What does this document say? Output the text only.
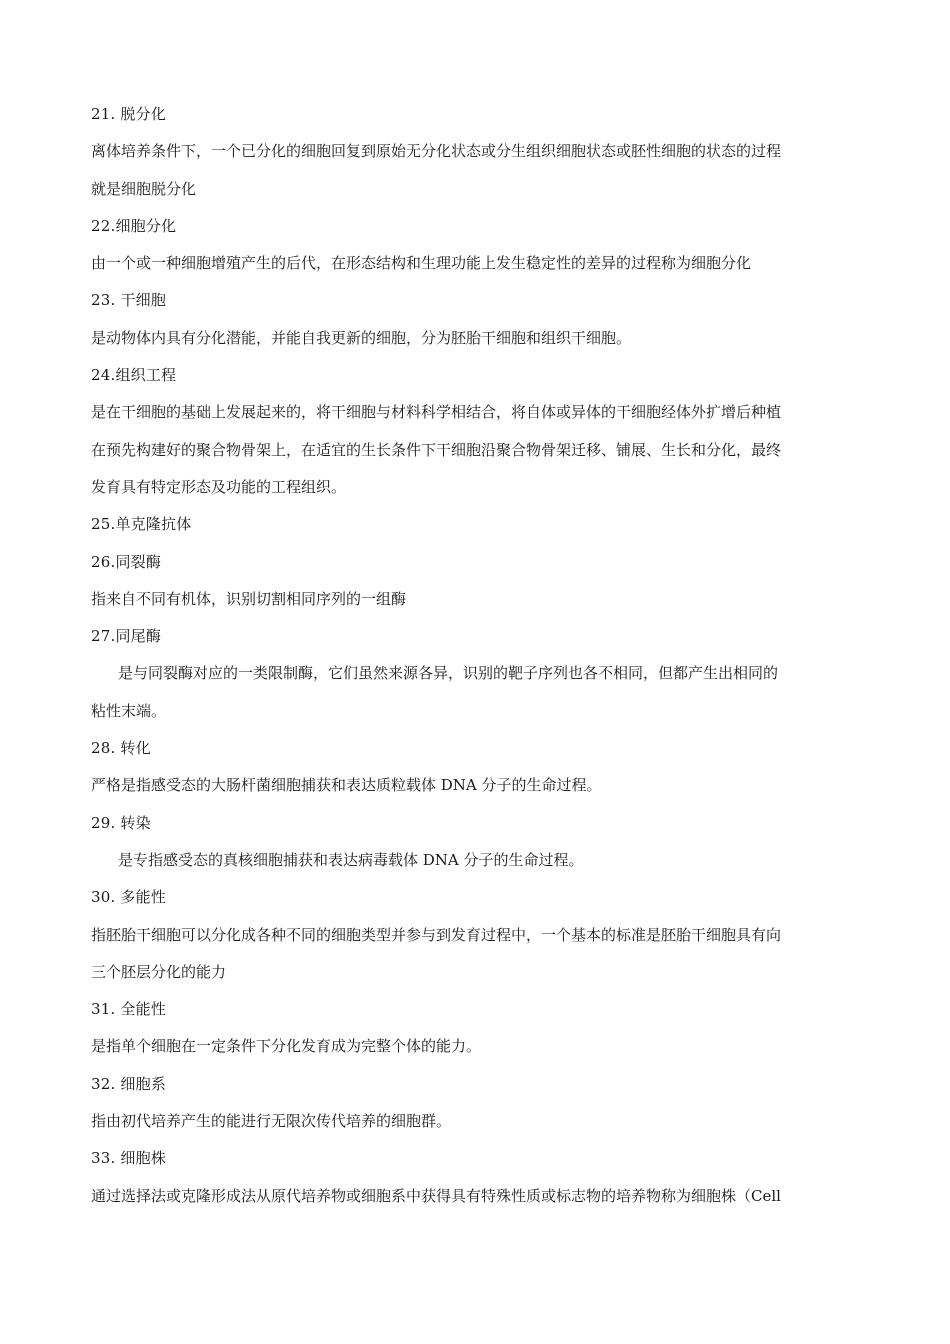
21. 脱分化
离体培养条件下，一个已分化的细胞回复到原始无分化状态或分生组织细胞状态或胚性细胞的状态的过程
就是细胞脱分化
22.细胞分化
由一个或一种细胞增殖产生的后代，在形态结构和生理功能上发生稳定性的差异的过程称为细胞分化
23. 干细胞
是动物体内具有分化潜能，并能自我更新的细胞，分为胚胎干细胞和组织干细胞。
24.组织工程
是在干细胞的基础上发展起来的，将干细胞与材料科学相结合，将自体或异体的干细胞经体外扩增后种植
在预先构建好的聚合物骨架上，在适宜的生长条件下干细胞沿聚合物骨架迁移、铺展、生长和分化，最终
发育具有特定形态及功能的工程组织。
25.单克隆抗体
26.同裂酶
指来自不同有机体，识别切割相同序列的一组酶
27.同尾酶
是与同裂酶对应的一类限制酶，它们虽然来源各异，识别的靶子序列也各不相同，但都产生出相同的
粘性末端。
28. 转化
严格是指感受态的大肠杆菌细胞捕获和表达质粒载体 DNA 分子的生命过程。
29. 转染
是专指感受态的真核细胞捕获和表达病毒载体 DNA 分子的生命过程。
30. 多能性
指胚胎干细胞可以分化成各种不同的细胞类型并参与到发育过程中，一个基本的标准是胚胎干细胞具有向
三个胚层分化的能力
31. 全能性
是指单个细胞在一定条件下分化发育成为完整个体的能力。
32. 细胞系
指由初代培养产生的能进行无限次传代培养的细胞群。
33. 细胞株
通过选择法或克隆形成法从原代培养物或细胞系中获得具有特殊性质或标志物的培养物称为细胞株（Cell
